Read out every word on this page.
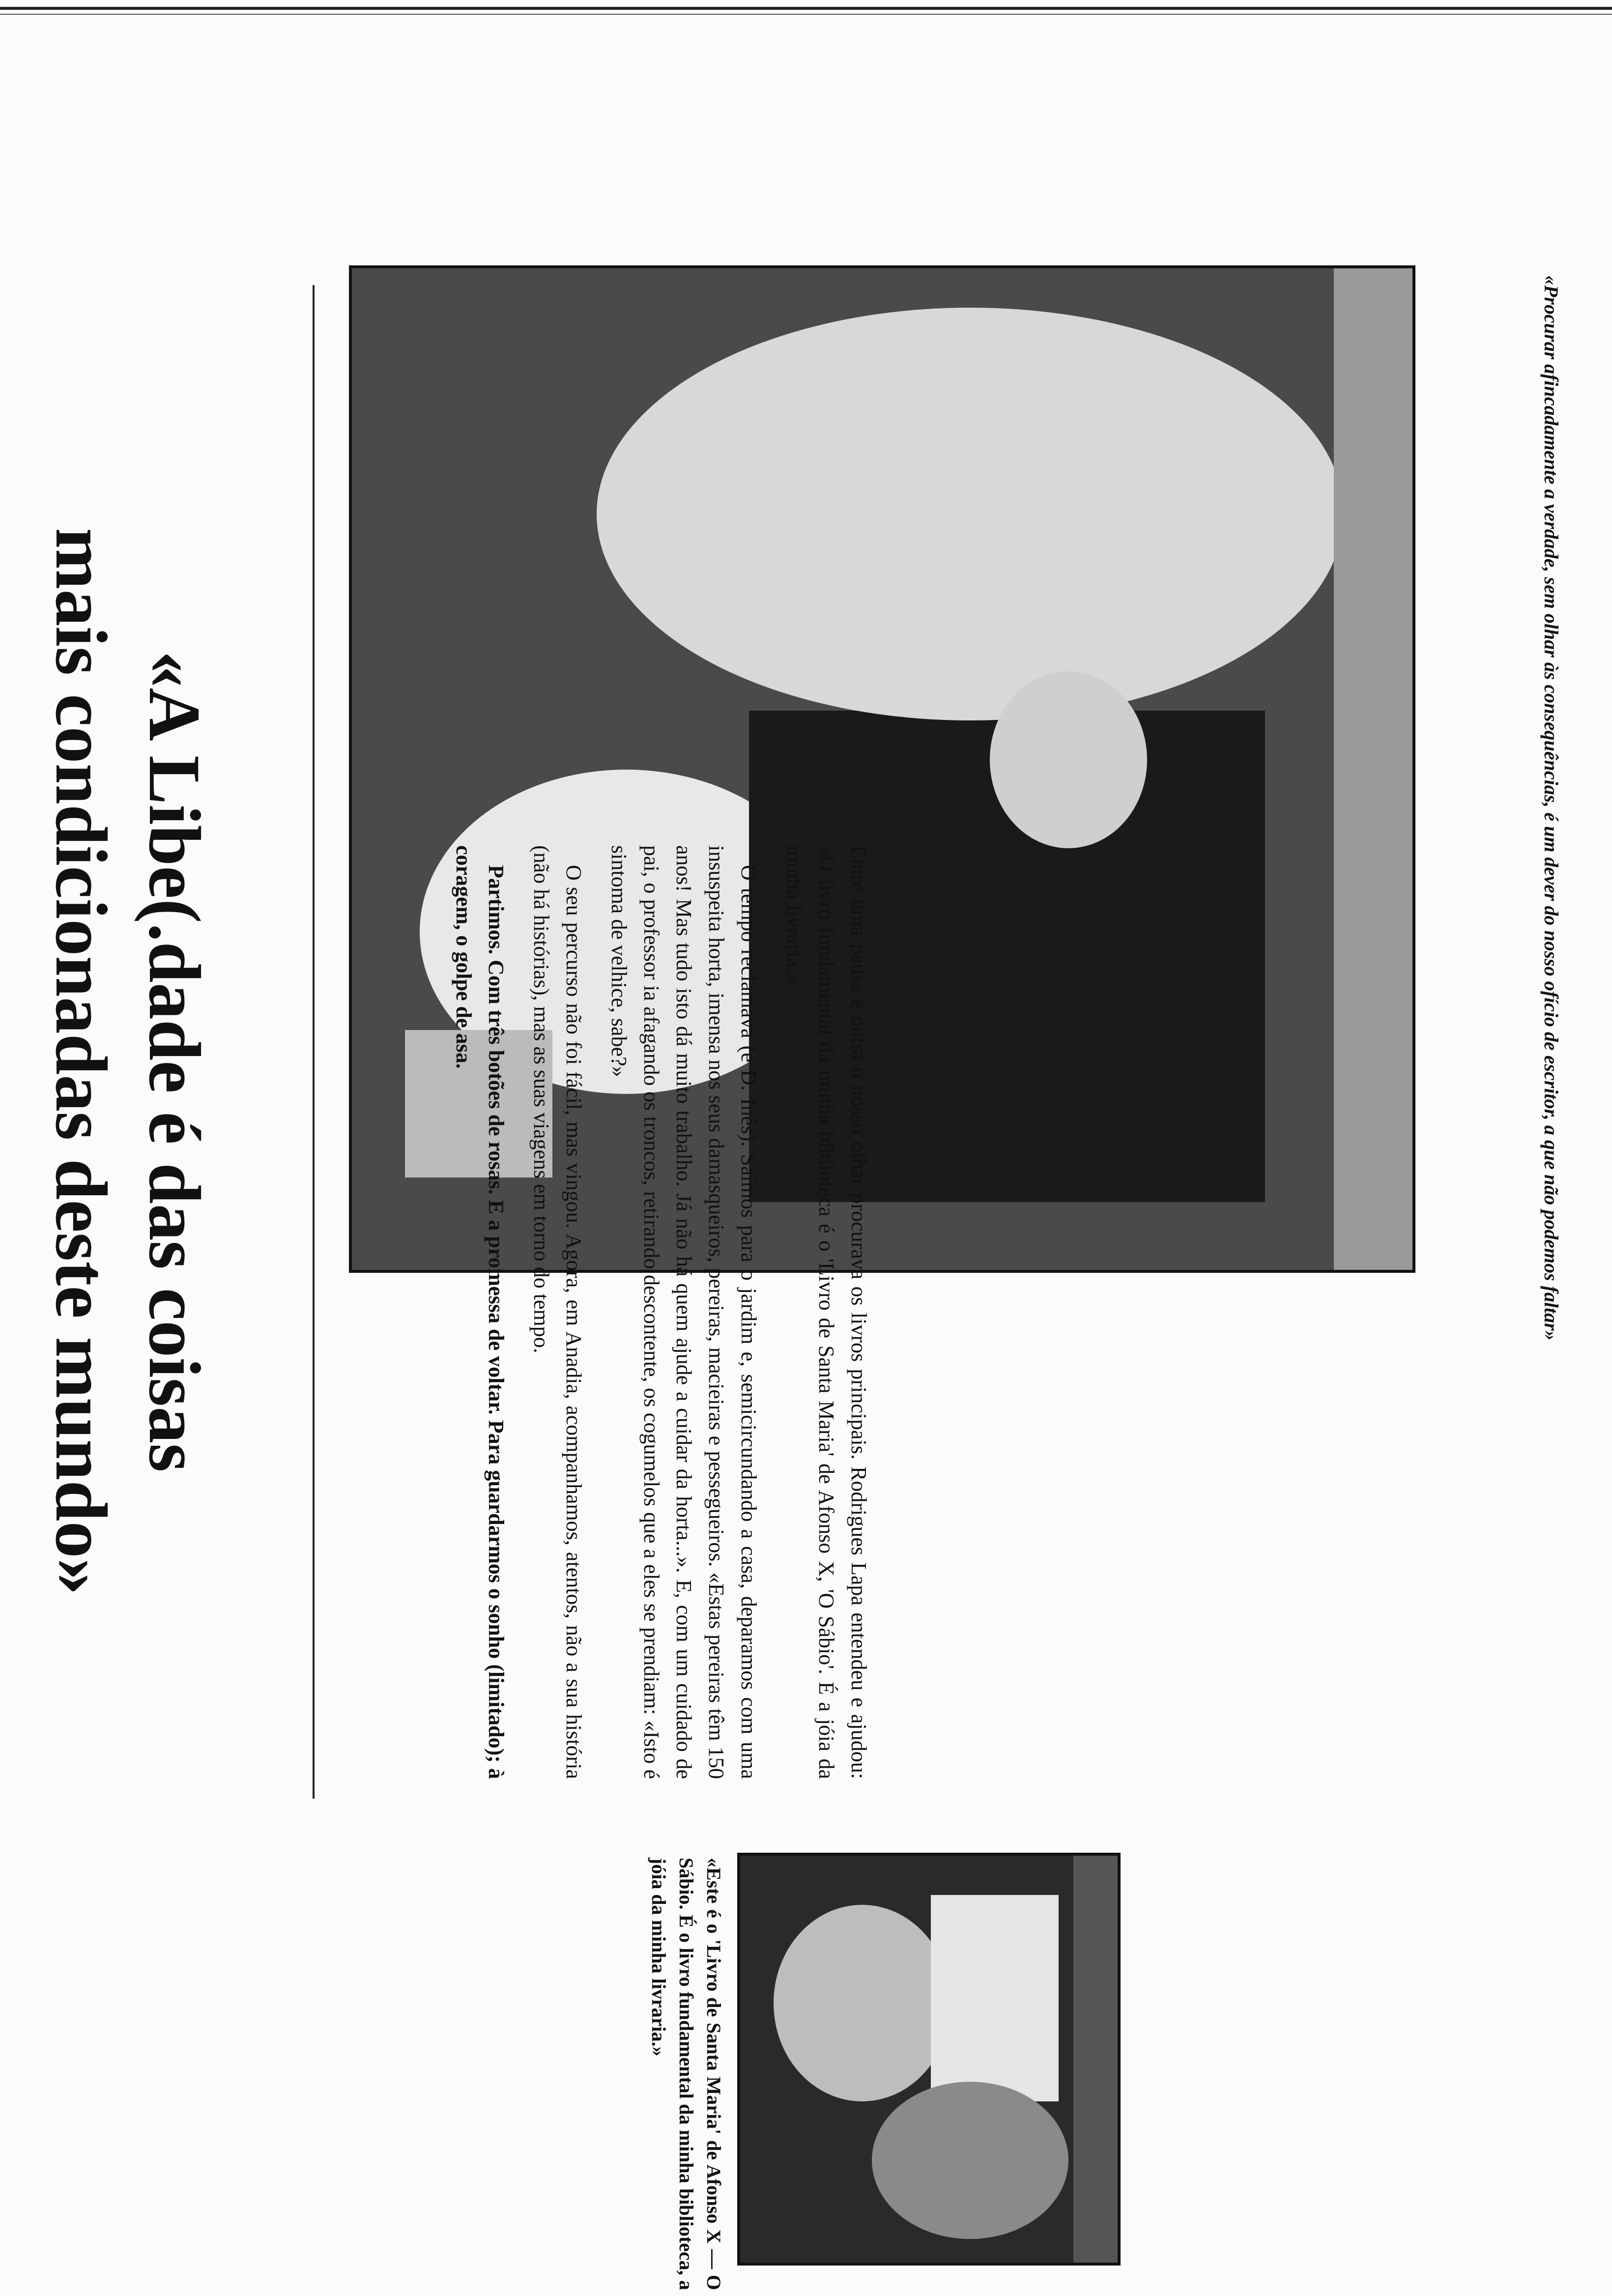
«A Libe(.dade é das coisas
mais condicionadas deste mundo»	«Procurar afincadamente a verdade, sem olhar às consequências, é um dever do nosso ofício de escritor, a que não podemos faltar»
«Este é o 'Livro de Santa Maria' de Afonso X — O Sábio. É o livro fundamental da minha biblioteca, a jóia da minha livraria.»

Entre uma pausa e outra o nosso olhar procurava os livros principais. Rodrigues Lapa entendeu e ajudou: «O livro fundamental da minha biblioteca é o 'Livro de Santa Maria' de Afonso X, 'O Sábio'. É a jóia da minha livraria.»

O tempo reclamava (e D. Inês). Saímos para o jardim e, semicircundando a casa, deparamos com uma insuspeita horta, imensa nos seus damasqueiros, pereiras, macieiras e pessegueiros. «Estas pereiras têm 150 anos! Mas tudo isto dá muito trabalho. Já não há quem ajude a cuidar da horta...». E, com um cuidado de pai, o professor ia afagando os troncos, retirando descontente, os cogumelos que a eles se prendiam: «Isto é sintoma de velhice, sabe?»

O seu percurso não foi fácil, mas vingou. Agora, em Anadia, acompanhamos, atentos, não a sua história (não há histórias), mas as suas viagens em torno do tempo.

Partimos. Com três botões de rosas. E a promessa de voltar. Para guardarmos o sonho (limitado); à coragem, o golpe de asa.
